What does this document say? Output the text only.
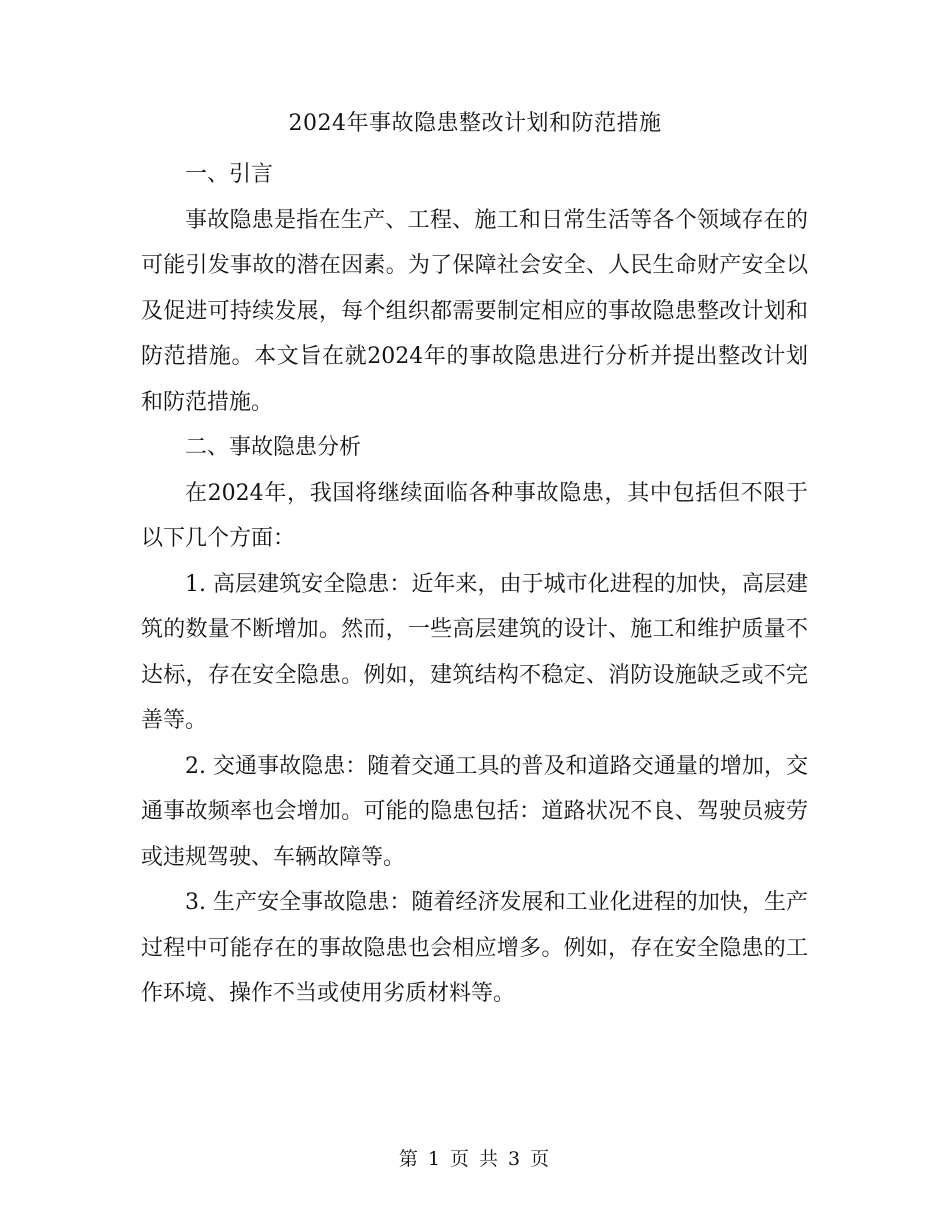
2024年事故隐患整改计划和防范措施

一、引言

事故隐患是指在生产、工程、施工和日常生活等各个领域存在的可能引发事故的潜在因素。为了保障社会安全、人民生命财产安全以及促进可持续发展，每个组织都需要制定相应的事故隐患整改计划和防范措施。本文旨在就2024年的事故隐患进行分析并提出整改计划和防范措施。

二、事故隐患分析

在2024年，我国将继续面临各种事故隐患，其中包括但不限于以下几个方面：

1. 高层建筑安全隐患：近年来，由于城市化进程的加快，高层建筑的数量不断增加。然而，一些高层建筑的设计、施工和维护质量不达标，存在安全隐患。例如，建筑结构不稳定、消防设施缺乏或不完善等。

2. 交通事故隐患：随着交通工具的普及和道路交通量的增加，交通事故频率也会增加。可能的隐患包括：道路状况不良、驾驶员疲劳或违规驾驶、车辆故障等。

3. 生产安全事故隐患：随着经济发展和工业化进程的加快，生产过程中可能存在的事故隐患也会相应增多。例如，存在安全隐患的工作环境、操作不当或使用劣质材料等。

第 1 页 共 3 页
